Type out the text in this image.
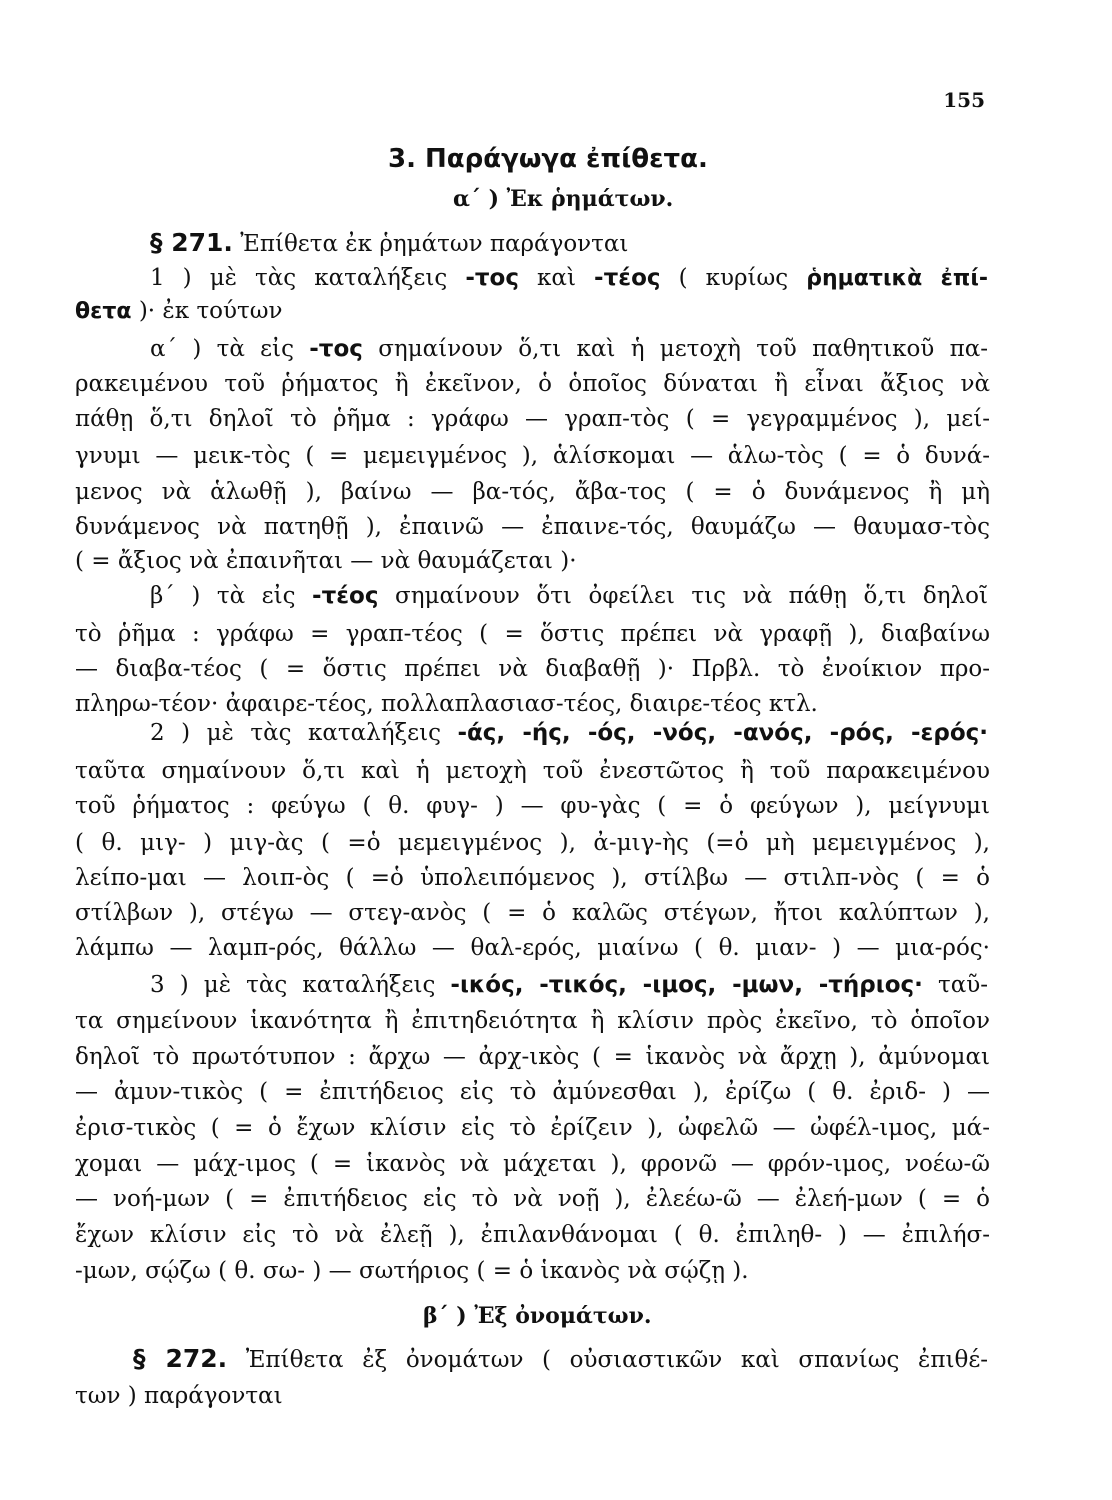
155
3. Παράγωγα ἐπίθετα.
α΄ ) Ἐκ ῥημάτων.
§ 271. Ἐπίθετα ἐκ ῥημάτων παράγονται
1 ) μὲ τὰς καταλήξεις -τος καὶ -τέος ( κυρίως ῥηματικὰ ἐπί-
θετα )· ἐκ τούτων
α΄ ) τὰ εἰς -τος σημαίνουν ὅ,τι καὶ ἡ μετοχὴ τοῦ παθητικοῦ πα-
ρακειμένου τοῦ ῥήματος ἢ ἐκεῖνον, ὁ ὁποῖος δύναται ἢ εἶναι ἄξιος νὰ
πάθῃ ὅ,τι δηλοῖ τὸ ῥῆμα : γράφω — γραπ-τὸς ( = γεγραμμένος ), μεί-
γνυμι — μεικ-τὸς ( = μεμειγμένος ), ἁλίσκομαι — ἁλω-τὸς ( = ὁ δυνά-
μενος νὰ ἁλωθῇ ), βαίνω — βα-τός, ἄβα-τος ( = ὁ δυνάμενος ἢ μὴ
δυνάμενος νὰ πατηθῇ ), ἐπαινῶ — ἐπαινε-τός, θαυμάζω — θαυμασ-τὸς
( = ἄξιος νὰ ἐπαινῆται — νὰ θαυμάζεται )·
β΄ ) τὰ εἰς -τέος σημαίνουν ὅτι ὀφείλει τις νὰ πάθῃ ὅ,τι δηλοῖ
τὸ ῥῆμα : γράφω = γραπ-τέος ( = ὅστις πρέπει νὰ γραφῇ ), διαβαίνω
— διαβα-τέος ( = ὅστις πρέπει νὰ διαβαθῇ )· Πρβλ. τὸ ἐνοίκιον προ-
πληρω-τέον· ἀφαιρε-τέος, πολλαπλασιασ-τέος, διαιρε-τέος κτλ.
2 ) μὲ τὰς καταλήξεις -άς, -ής, -ός, -νός, -ανός, -ρός, -ερός·
ταῦτα σημαίνουν ὅ,τι καὶ ἡ μετοχὴ τοῦ ἐνεστῶτος ἢ τοῦ παρακειμένου
τοῦ ῥήματος : φεύγω ( θ. φυγ- ) — φυ-γὰς ( = ὁ φεύγων ), μείγνυμι
( θ. μιγ- ) μιγ-ὰς ( =ὁ μεμειγμένος ), ἀ-μιγ-ὴς (=ὁ μὴ μεμειγμένος ),
λείπο-μαι — λοιπ-ὸς ( =ὁ ὑπολειπόμενος ), στίλβω — στιλπ-νὸς ( = ὁ
στίλβων ), στέγω — στεγ-ανὸς ( = ὁ καλῶς στέγων, ἤτοι καλύπτων ),
λάμπω — λαμπ-ρός, θάλλω — θαλ-ερός, μιαίνω ( θ. μιαν- ) — μια-ρός·
3 ) μὲ τὰς καταλήξεις -ικός, -τικός, -ιμος, -μων, -τήριος· ταῦ-
τα σημείνουν ἱκανότητα ἢ ἐπιτηδειότητα ἢ κλίσιν πρὸς ἐκεῖνο, τὸ ὁποῖον
δηλοῖ τὸ πρωτότυπον : ἄρχω — ἀρχ-ικὸς ( = ἱκανὸς νὰ ἄρχῃ ), ἀμύνομαι
— ἀμυν-τικὸς ( = ἐπιτήδειος εἰς τὸ ἀμύνεσθαι ), ἐρίζω ( θ. ἐριδ- ) —
ἐρισ-τικὸς ( = ὁ ἔχων κλίσιν εἰς τὸ ἐρίζειν ), ὠφελῶ — ὠφέλ-ιμος, μά-
χομαι — μάχ-ιμος ( = ἱκανὸς νὰ μάχεται ), φρονῶ — φρόν-ιμος, νοέω-ῶ
— νοή-μων ( = ἐπιτήδειος εἰς τὸ νὰ νοῇ ), ἐλεέω-ῶ — ἐλεή-μων ( = ὁ
ἔχων κλίσιν εἰς τὸ νὰ ἐλεῇ ), ἐπιλανθάνομαι ( θ. ἐπιληθ- ) — ἐπιλήσ-
-μων, σῴζω ( θ. σω- ) — σωτήριος ( = ὁ ἱκανὸς νὰ σῴζῃ ).
β΄ ) Ἐξ ὀνομάτων.
§ 272. Ἐπίθετα ἐξ ὀνομάτων ( οὐσιαστικῶν καὶ σπανίως ἐπιθέ-
των ) παράγονται
